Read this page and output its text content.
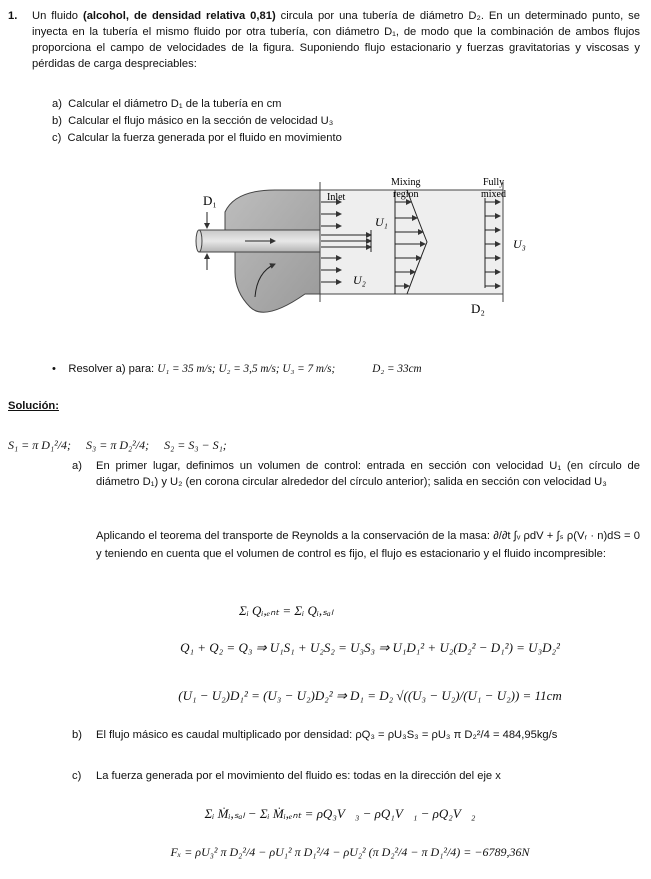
1. Un fluido (alcohol, de densidad relativa 0,81) circula por una tubería de diámetro D₂. En un determinado punto, se inyecta en la tubería el mismo fluido por otra tubería, con diámetro D₁, de modo que la combinación de ambos flujos proporciona el campo de velocidades de la figura. Suponiendo flujo estacionario y fuerzas gravitatorias y viscosas y pérdidas de carga despreciables:
a) Calcular el diámetro D₁ de la tubería en cm
b) Calcular el flujo másico en la sección de velocidad U₃
c) Calcular la fuerza generada por el fluido en movimiento
D₁	Inlet
U₁
U₂
Mixing
region
Fully
mixed
U₃
D₂
• Resolver a) para: U₁ = 35 m/s; U₂ = 3,5 m/s; U₃ = 7 m/s;	D₂ = 33cm
Solución:
S₁ = π D₁²/4;     S₃ = π D₂²/4;     S₂ = S₃ − S₁;
a) En primer lugar, definimos un volumen de control: entrada en sección con velocidad U₁ (en círculo de diámetro D₁) y U₂ (en corona circular alrededor del círculo anterior); salida en sección con velocidad U₃
Aplicando el teorema del transporte de Reynolds a la conservación de la masa: ∂/∂t ∫ᵥ ρdV + ∫ₛ ρ(Vᵣ · n)dS = 0 y teniendo en cuenta que el volumen de control es fijo, el flujo es estacionario y el fluido incompresible:
Σᵢ Qᵢ,ₑₙₜ = Σᵢ Qᵢ,ₛₐₗ
Q₁ + Q₂ = Q₃ ⇒ U₁S₁ + U₂S₂ = U₃S₃ ⇒ U₁D₁² + U₂(D₂² − D₁²) = U₃D₂²
(U₁ − U₂)D₁² = (U₃ − U₂)D₂² ⇒ D₁ = D₂ √((U₃ − U₂)/(U₁ − U₂)) = 11cm
b) El flujo másico es caudal multiplicado por densidad: ρQ₃ = ρU₃S₃ = ρU₃ π D₂²/4 = 484,95kg/s
c) La fuerza generada por el movimiento del fluido es: todas en la dirección del eje x
Σᵢ Ṁᵢ,ₛₐₗ − Σᵢ Ṁᵢ,ₑₙₜ = ρQ₃V⃗₃ − ρQ₁V⃗₁ − ρQ₂V⃗₂
Fₓ = ρU₃² π D₂²/4 − ρU₁² π D₁²/4 − ρU₂² (π D₂²/4 − π D₁²/4) = −6789,36N
